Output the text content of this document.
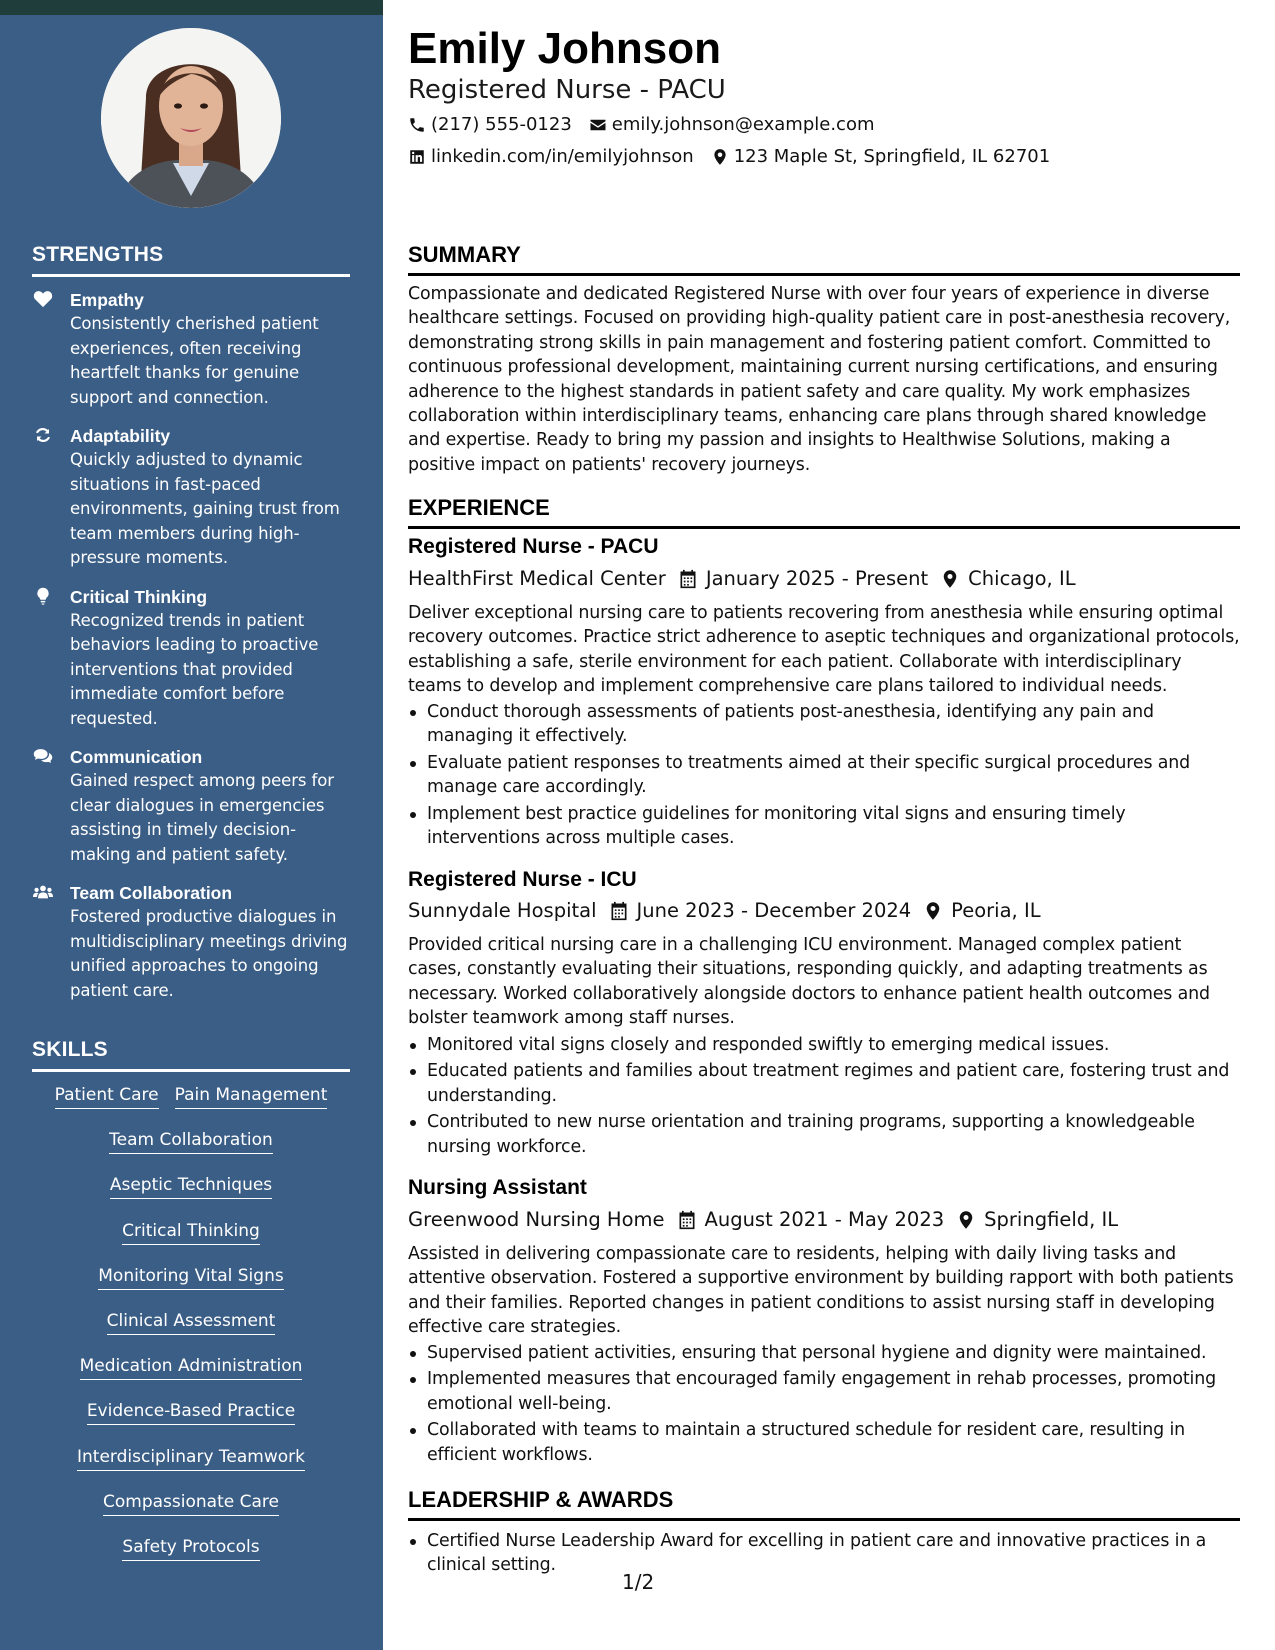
STRENGTHS
Empathy
Consistently cherished patient experiences, often receiving heartfelt thanks for genuine support and connection.
Adaptability
Quickly adjusted to dynamic situations in fast-paced environments, gaining trust from team members during high-pressure moments.
Critical Thinking
Recognized trends in patient behaviors leading to proactive interventions that provided immediate comfort before requested.
Communication
Gained respect among peers for clear dialogues in emergencies assisting in timely decision-making and patient safety.
Team Collaboration
Fostered productive dialogues in multidisciplinary meetings driving unified approaches to ongoing patient care.
SKILLS
Patient Care Pain Management
Team Collaboration
Aseptic Techniques
Critical Thinking
Monitoring Vital Signs
Clinical Assessment
Medication Administration
Evidence-Based Practice
Interdisciplinary Teamwork
Compassionate Care
Safety Protocols
Emily Johnson
Registered Nurse - PACU
(217) 555-0123 emily.johnson@example.com
linkedin.com/in/emilyjohnson 123 Maple St, Springfield, IL 62701
SUMMARY
Compassionate and dedicated Registered Nurse with over four years of experience in diverse healthcare settings. Focused on providing high-quality patient care in post-anesthesia recovery, demonstrating strong skills in pain management and fostering patient comfort. Committed to continuous professional development, maintaining current nursing certifications, and ensuring adherence to the highest standards in patient safety and care quality. My work emphasizes collaboration within interdisciplinary teams, enhancing care plans through shared knowledge and expertise. Ready to bring my passion and insights to Healthwise Solutions, making a positive impact on patients' recovery journeys.
EXPERIENCE
Registered Nurse - PACU
HealthFirst Medical Center January 2025 - Present Chicago, IL
Deliver exceptional nursing care to patients recovering from anesthesia while ensuring optimal recovery outcomes. Practice strict adherence to aseptic techniques and organizational protocols, establishing a safe, sterile environment for each patient. Collaborate with interdisciplinary teams to develop and implement comprehensive care plans tailored to individual needs.
Conduct thorough assessments of patients post-anesthesia, identifying any pain and managing it effectively.
Evaluate patient responses to treatments aimed at their specific surgical procedures and manage care accordingly.
Implement best practice guidelines for monitoring vital signs and ensuring timely interventions across multiple cases.
Registered Nurse - ICU
Sunnydale Hospital June 2023 - December 2024 Peoria, IL
Provided critical nursing care in a challenging ICU environment. Managed complex patient cases, constantly evaluating their situations, responding quickly, and adapting treatments as necessary. Worked collaboratively alongside doctors to enhance patient health outcomes and bolster teamwork among staff nurses.
Monitored vital signs closely and responded swiftly to emerging medical issues.
Educated patients and families about treatment regimes and patient care, fostering trust and understanding.
Contributed to new nurse orientation and training programs, supporting a knowledgeable nursing workforce.
Nursing Assistant
Greenwood Nursing Home August 2021 - May 2023 Springfield, IL
Assisted in delivering compassionate care to residents, helping with daily living tasks and attentive observation. Fostered a supportive environment by building rapport with both patients and their families. Reported changes in patient conditions to assist nursing staff in developing effective care strategies.
Supervised patient activities, ensuring that personal hygiene and dignity were maintained.
Implemented measures that encouraged family engagement in rehab processes, promoting emotional well-being.
Collaborated with teams to maintain a structured schedule for resident care, resulting in efficient workflows.
LEADERSHIP & AWARDS
Certified Nurse Leadership Award for excelling in patient care and innovative practices in a clinical setting.
1/2
